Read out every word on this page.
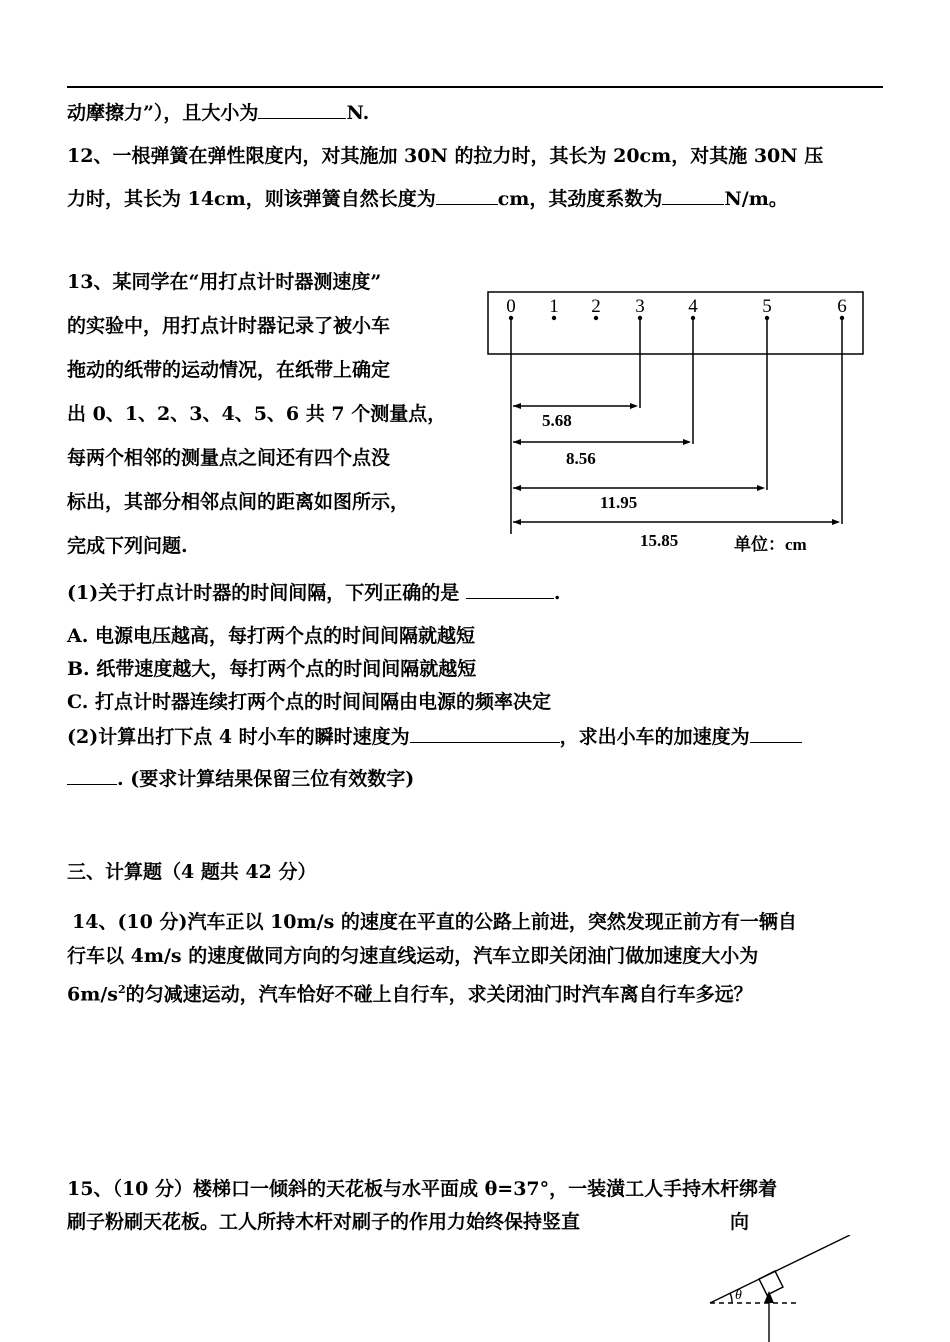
动摩擦力”），且大小为	N.
12、一根弹簧在弹性限度内，对其施加 30N 的拉力时，其长为 20cm，对其施 30N 压
力时，其长为 14cm，则该弹簧自然长度为	cm，其劲度系数为	N/m。
13、某同学在“用打点计时器测速度”
的实验中，用打点计时器记录了被小车
拖动的纸带的运动情况，在纸带上确定
出 0、1、2、3、4、5、6 共 7 个测量点，
每两个相邻的测量点之间还有四个点没
标出，其部分相邻点间的距离如图所示，
完成下列问题.
0 1 2 3 4	5	6
5.68
8.56
11.95
15.85	单位：cm
(1)关于打点计时器的时间间隔，下列正确的是	.
A. 电源电压越高，每打两个点的时间间隔就越短
B. 纸带速度越大，每打两个点的时间间隔就越短
C. 打点计时器连续打两个点的时间间隔由电源的频率决定
(2)计算出打下点 4 时小车的瞬时速度为	，求出小车的加速度为
. (要求计算结果保留三位有效数字)
三、计算题（4 题共 42 分）
14、(10 分)汽车正以 10m/s 的速度在平直的公路上前进，突然发现正前方有一辆自
行车以 4m/s 的速度做同方向的匀速直线运动，汽车立即关闭油门做加速度大小为
$6m/s^2$的匀减速运动，汽车恰好不碰上自行车，求关闭油门时汽车离自行车多远？
15、（10 分）楼梯口一倾斜的天花板与水平面成 θ=37°，一装潢工人手持木杆绑着
刷子粉刷天花板。工人所持木杆对刷子的作用力始终保持竖直	向
θ
